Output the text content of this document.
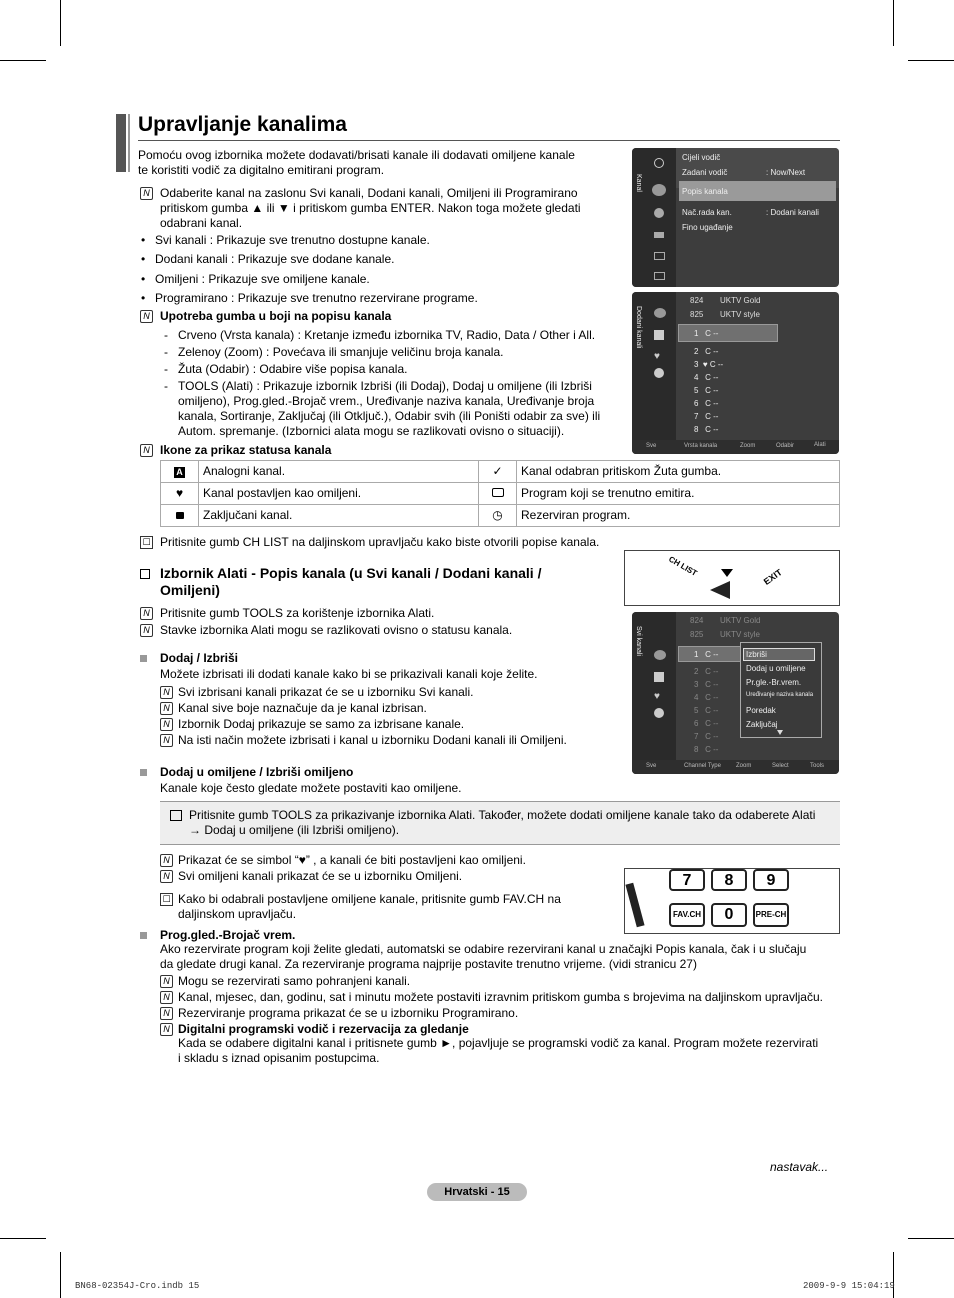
Upravljanje kanalima
Pomoću ovog izbornika možete dodavati/brisati kanale ili dodavati omiljene kanale te koristiti vodič za digitalno emitirani program.
N Odaberite kanal na zaslonu Svi kanali, Dodani kanali, Omiljeni ili Programirano pritiskom gumba ▲ ili ▼ i pritiskom gumba ENTER. Nakon toga možete gledati odabrani kanal.
• Svi kanali : Prikazuje sve trenutno dostupne kanale.
• Dodani kanali : Prikazuje sve dodane kanale.
• Omiljeni : Prikazuje sve omiljene kanale.
• Programirano : Prikazuje sve trenutno rezervirane programe.
N Upotreba gumba u boji na popisu kanala
- Crveno (Vrsta kanala) : Kretanje između izbornika TV, Radio, Data / Other i All.
- Zelenoy (Zoom) : Povećava ili smanjuje veličinu broja kanala.
- Žuta (Odabir) : Odabire više popisa kanala.
- TOOLS (Alati) : Prikazuje izbornik Izbriši (ili Dodaj), Dodaj u omiljene (ili Izbriši omiljeno), Prog.gled.-Brojač vrem., Uređivanje naziva kanala, Uređivanje broja kanala, Sortiranje, Zaključaj (ili Otključ.), Odabir svih (ili Poništi odabir za sve) ili Autom. spremanje. (Izbornici alata mogu se razlikovati ovisno o situaciji).
N Ikone za prikaz statusa kanala
A	Analogni kanal.	✓	Kanal odabran pritiskom Žuta gumba.
♥	Kanal postavljen kao omiljeni.		Program koji se trenutno emitira.
	Zaključani kanal.	◷	Rezerviran program.
☐ Pritisnite gumb CH LIST na daljinskom upravljaču kako biste otvorili popise kanala.
Izbornik Alati - Popis kanala (u Svi kanali / Dodani kanali / Omiljeni)
N Pritisnite gumb TOOLS za korištenje izbornika Alati.
N Stavke izbornika Alati mogu se razlikovati ovisno o statusu kanala.
Dodaj / Izbriši
Možete izbrisati ili dodati kanale kako bi se prikazivali kanali koje želite.
N Svi izbrisani kanali prikazat će se u izborniku Svi kanali.
N Kanal sive boje naznačuje da je kanal izbrisan.
N Izbornik Dodaj prikazuje se samo za izbrisane kanale.
N Na isti način možete izbrisati i kanal u izborniku Dodani kanali ili Omiljeni.
Dodaj u omiljene / Izbriši omiljeno
Kanale koje često gledate možete postaviti kao omiljene.
Pritisnite gumb TOOLS za prikazivanje izbornika Alati. Također, možete dodati omiljene kanale tako da odaberete Alati → Dodaj u omiljene (ili Izbriši omiljeno).
N Prikazat će se simbol “♥” , a kanali će biti postavljeni kao omiljeni.
N Svi omiljeni kanali prikazat će se u izborniku Omiljeni.
☐ Kako bi odabrali postavljene omiljene kanale, pritisnite gumb FAV.CH na daljinskom upravljaču.
Prog.gled.-Brojač vrem.
Ako rezervirate program koji želite gledati, automatski se odabire rezervirani kanal u značajki Popis kanala, čak i u slučaju da gledate drugi kanal. Za rezerviranje programa najprije postavite trenutno vrijeme. (vidi stranicu 27)
N Mogu se rezervirati samo pohranjeni kanali.
N Kanal, mjesec, dan, godinu, sat i minutu možete postaviti izravnim pritiskom gumba s brojevima na daljinskom upravljaču.
N Rezerviranje programa prikazat će se u izborniku Programirano.
N Digitalni programski vodič i rezervacija za gledanje
Kada se odabere digitalni kanal i pritisnete gumb ►, pojavljuje se programski vodič za kanal. Program možete rezervirati i skladu s iznad opisanim postupcima.
nastavak...
Hrvatski - 15
BN68-02354J-Cro.indb 15	2009-9-9 15:04:19
Kanal
Cijeli vodič
Zadani vodič	: Now/Next
Popis kanala
Nač.rada kan.	: Dodani kanali
Fino ugađanje
Dodani kanali
♥
824 UKTV Gold
825 UKTV style
1   C --
2   C --
3  ♥ C --
4   C --
5   C --
6   C --
7   C --
8   C --
Sve	Vrsta kanala	Zoom	Odabir	Alati
CH LIST	EXIT
Svi kanali
♥
824 UKTV Gold
825 UKTV style
1   C --
2   C --
3   C --
4   C --
5   C --
6   C --
7   C --
8   C --
Izbriši
Dodaj u omiljene
Pr.gle.-Br.vrem.
Uređivanje naziva kanala
Poredak
Zaključaj
Sve	Channel Type	Zoom	Select	Tools
7	8	9
FAV.CH	0	PRE-CH
